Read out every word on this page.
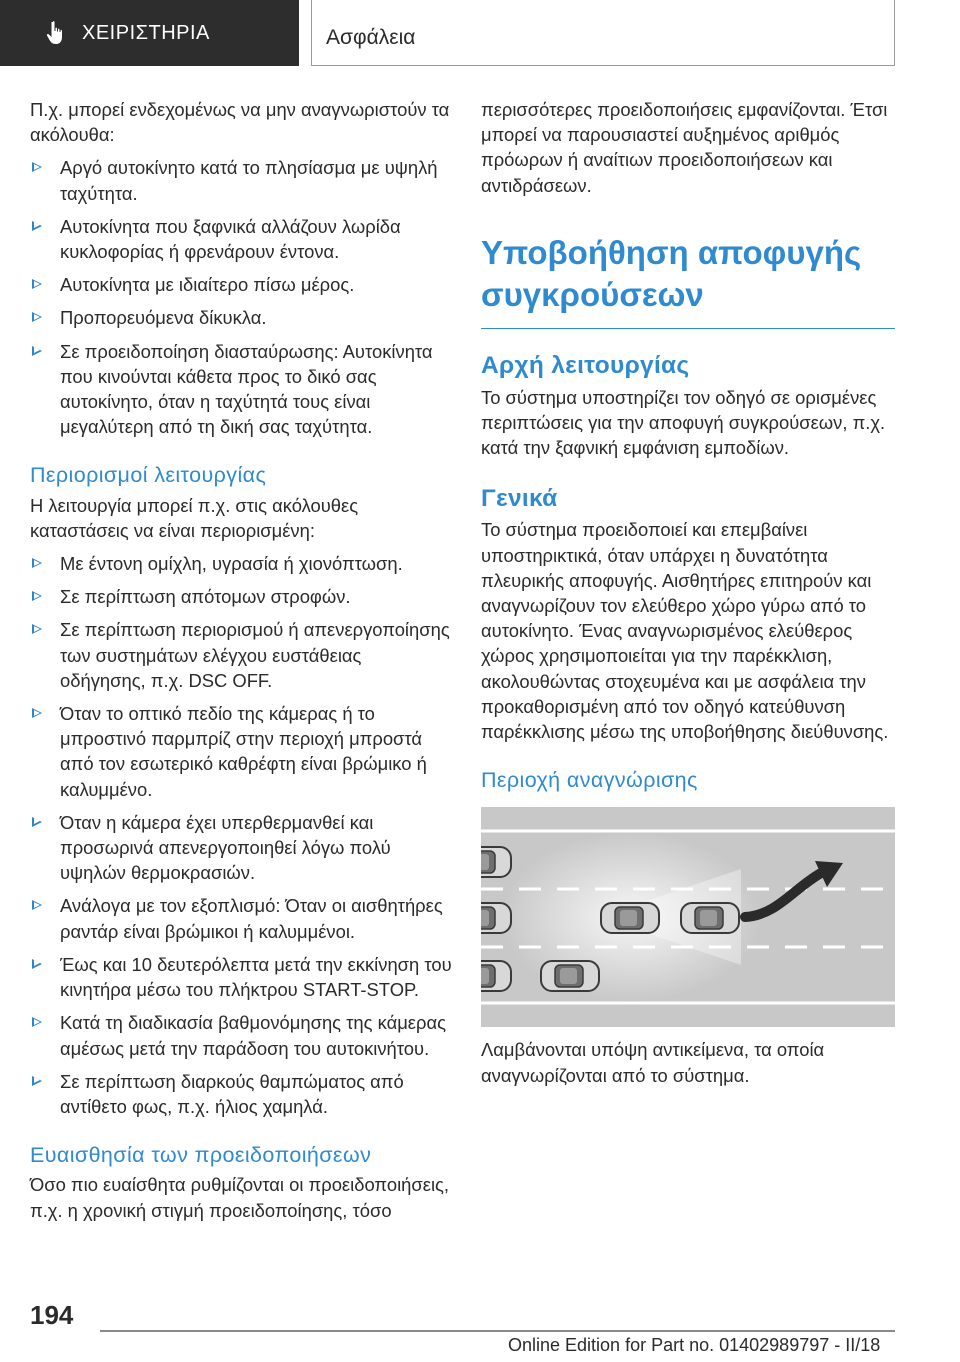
ΧΕΙΡΙΣΤΗΡΙΑ	Ασφάλεια

Π.χ. μπορεί ενδεχομένως να μην αναγνωριστούν τα ακόλουθα:

Αργό αυτοκίνητο κατά το πλησίασμα με υψηλή ταχύτητα.
Αυτοκίνητα που ξαφνικά αλλάζουν λωρίδα κυκλοφορίας ή φρενάρουν έντονα.
Αυτοκίνητα με ιδιαίτερο πίσω μέρος.
Προπορευόμενα δίκυκλα.
Σε προειδοποίηση διασταύρωσης: Αυτοκίνητα που κινούνται κάθετα προς το δικό σας αυτοκίνητο, όταν η ταχύτητά τους είναι μεγαλύτερη από τη δική σας ταχύτητα.
Περιορισμοί λειτουργίας

Η λειτουργία μπορεί π.χ. στις ακόλουθες καταστάσεις να είναι περιορισμένη:

Με έντονη ομίχλη, υγρασία ή χιονόπτωση.
Σε περίπτωση απότομων στροφών.
Σε περίπτωση περιορισμού ή απενεργοποίησης των συστημάτων ελέγχου ευστάθειας οδήγησης, π.χ. DSC OFF.
Όταν το οπτικό πεδίο της κάμερας ή το μπροστινό παρμπρίζ στην περιοχή μπροστά από τον εσωτερικό καθρέφτη είναι βρώμικο ή καλυμμένο.
Όταν η κάμερα έχει υπερθερμανθεί και προσωρινά απενεργοποιηθεί λόγω πολύ υψηλών θερμοκρασιών.
Ανάλογα με τον εξοπλισμό: Όταν οι αισθητήρες ραντάρ είναι βρώμικοι ή καλυμμένοι.
Έως και 10 δευτερόλεπτα μετά την εκκίνηση του κινητήρα μέσω του πλήκτρου START-STOP.
Κατά τη διαδικασία βαθμονόμησης της κάμερας αμέσως μετά την παράδοση του αυτοκινήτου.
Σε περίπτωση διαρκούς θαμπώματος από αντίθετο φως, π.χ. ήλιος χαμηλά.
Ευαισθησία των προειδοποιήσεων

Όσο πιο ευαίσθητα ρυθμίζονται οι προειδοποιήσεις, π.χ. η χρονική στιγμή προειδοποίησης, τόσο

περισσότερες προειδοποιήσεις εμφανίζονται. Έτσι μπορεί να παρουσιαστεί αυξημένος αριθμός πρόωρων ή αναίτιων προειδοποιήσεων και αντιδράσεων.

Υποβοήθηση αποφυγής συγκρούσεων
Αρχή λειτουργίας

Το σύστημα υποστηρίζει τον οδηγό σε ορισμένες περιπτώσεις για την αποφυγή συγκρούσεων, π.χ. κατά την ξαφνική εμφάνιση εμποδίων.

Γενικά

Το σύστημα προειδοποιεί και επεμβαίνει υποστηρικτικά, όταν υπάρχει η δυνατότητα πλευρικής αποφυγής. Αισθητήρες επιτηρούν και αναγνωρίζουν τον ελεύθερο χώρο γύρω από το αυτοκίνητο. Ένας αναγνωρισμένος ελεύθερος χώρος χρησιμοποιείται για την παρέκκλιση, ακολουθώντας στοχευμένα και με ασφάλεια την προκαθορισμένη από τον οδηγό κατεύθυνση παρέκκλισης μέσω της υποβοήθησης διεύθυνσης.

Περιοχή αναγνώρισης

Λαμβάνονται υπόψη αντικείμενα, τα οποία αναγνωρίζονται από το σύστημα.

194
Online Edition for Part no. 01402989797 - II/18
